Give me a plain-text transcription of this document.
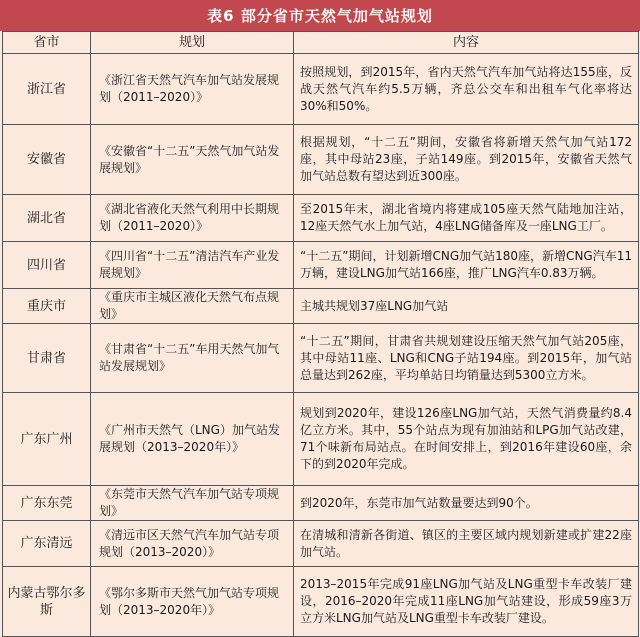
表6 部分省市天然气加气站规划
省市	规划	内容
浙江省	《浙江省天然气汽车加气站发展规划（2011–2020）》	按照规划，到2015年，省内天然气汽车加气站将达155座，反战天然气汽车约5.5万辆，齐总公交车和出租车气化率将达30%和50%。
安徽省	《安徽省“十二五”天然气加气站发展规划》	根据规划，“十二五”期间，安徽省将新增天然气加气站172座，其中母站23座，子站149座。到2015年，安徽省天然气加气站总数有望达到近300座。
湖北省	《湖北省液化天然气利用中长期规划（2011–2020）》	至2015年末，湖北省境内将建成105座天然气陆地加注站，12座天然气水上加气站，4座LNG储备库及一座LNG工厂。
四川省	《四川省“十二五”清洁汽车产业发展规划》	“十二五”期间，计划新增CNG加气站180座，新增CNG汽车11万辆，建设LNG加气站166座，推广LNG汽车0.83万辆。
重庆市	《重庆市主城区液化天然气布点规划》	主城共规划37座LNG加气站
甘肃省	《甘肃省“十二五”车用天然气加气站发展规划》	“十二五”期间，甘肃省共规划建设压缩天然气加气站205座，其中母站11座、LNG和CNG子站194座。到2015年，加气站总量达到262座，平均单站日均销量达到5300立方米。
广东广州	《广州市天然气（LNG）加气站发展规划（2013–2020年）》	规划到2020年，建设126座LNG加气站，天然气消费量约8.4亿立方米。其中，55个站点为现有加油站和LPG加气站改建，71个味新布局站点。在时间安排上，到2016年建设60座，余下的到2020年完成。
广东东莞	《东莞市天然气汽车加气站专项规划》	到2020年，东莞市加气站数量要达到90个。
广东清远	《清远市区天然气汽车加气站专项规划（2013–2020）》	在清城和清新各街道、镇区的主要区域内规划新建或扩建22座加气站。
内蒙古鄂尔多斯	《鄂尔多斯市天然气加气站专项规划（2013–2020年）》	2013–2015年完成91座LNG加气站及LNG重型卡车改装厂建设，2016–2020年完成11座LNG加气站建设，形成59座3万立方米LNG加气站及LNG重型卡车改装厂建设。
